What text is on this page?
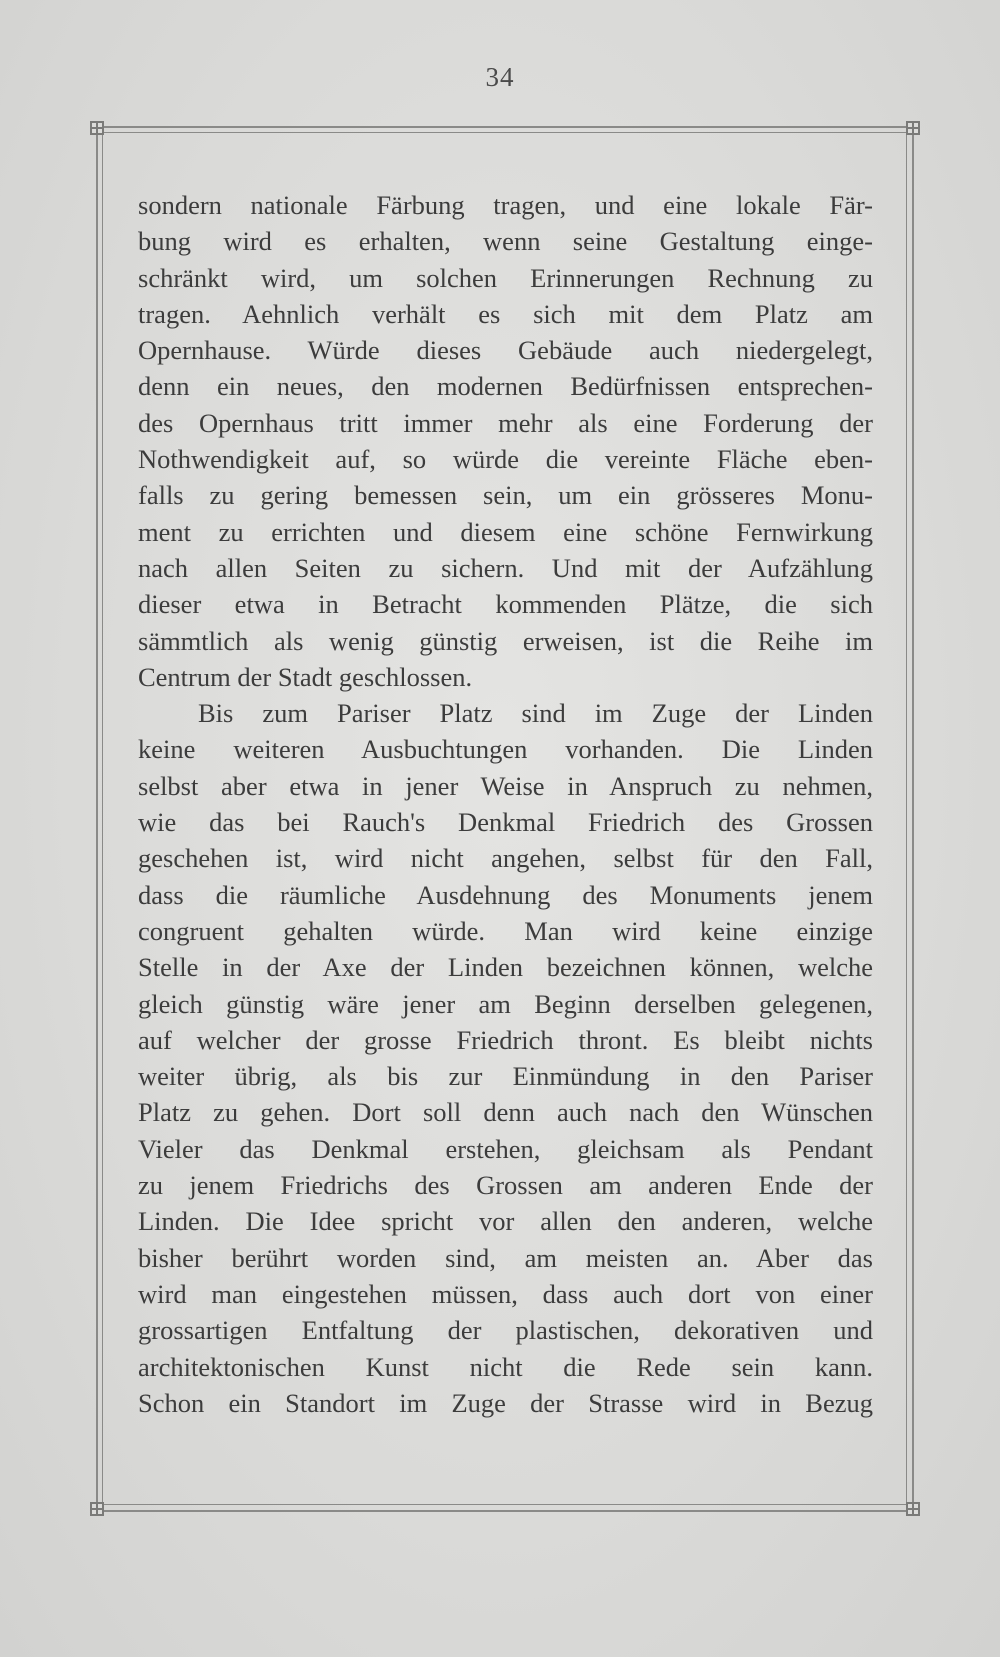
34
sondern nationale Färbung tragen, und eine lokale Fär-
bung wird es erhalten, wenn seine Gestaltung einge-
schränkt wird, um solchen Erinnerungen Rechnung zu
tragen. Aehnlich verhält es sich mit dem Platz am
Opernhause. Würde dieses Gebäude auch niedergelegt,
denn ein neues, den modernen Bedürfnissen entsprechen-
des Opernhaus tritt immer mehr als eine Forderung der
Nothwendigkeit auf, so würde die vereinte Fläche eben-
falls zu gering bemessen sein, um ein grösseres Monu-
ment zu errichten und diesem eine schöne Fernwirkung
nach allen Seiten zu sichern. Und mit der Aufzählung
dieser etwa in Betracht kommenden Plätze, die sich
sämmtlich als wenig günstig erweisen, ist die Reihe im
Centrum der Stadt geschlossen.
Bis zum Pariser Platz sind im Zuge der Linden
keine weiteren Ausbuchtungen vorhanden. Die Linden
selbst aber etwa in jener Weise in Anspruch zu nehmen,
wie das bei Rauch's Denkmal Friedrich des Grossen
geschehen ist, wird nicht angehen, selbst für den Fall,
dass die räumliche Ausdehnung des Monuments jenem
congruent gehalten würde. Man wird keine einzige
Stelle in der Axe der Linden bezeichnen können, welche
gleich günstig wäre jener am Beginn derselben gelegenen,
auf welcher der grosse Friedrich thront. Es bleibt nichts
weiter übrig, als bis zur Einmündung in den Pariser
Platz zu gehen. Dort soll denn auch nach den Wünschen
Vieler das Denkmal erstehen, gleichsam als Pendant
zu jenem Friedrichs des Grossen am anderen Ende der
Linden. Die Idee spricht vor allen den anderen, welche
bisher berührt worden sind, am meisten an. Aber das
wird man eingestehen müssen, dass auch dort von einer
grossartigen Entfaltung der plastischen, dekorativen und
architektonischen Kunst nicht die Rede sein kann.
Schon ein Standort im Zuge der Strasse wird in Bezug
